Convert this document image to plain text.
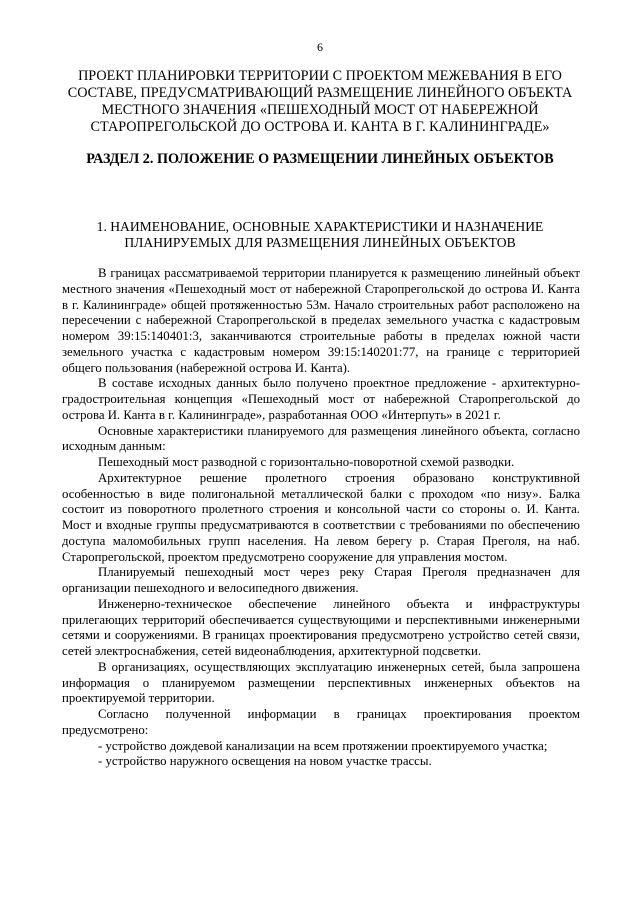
6
ПРОЕКТ ПЛАНИРОВКИ ТЕРРИТОРИИ С ПРОЕКТОМ МЕЖЕВАНИЯ В ЕГО СОСТАВЕ, ПРЕДУСМАТРИВАЮЩИЙ РАЗМЕЩЕНИЕ ЛИНЕЙНОГО ОБЪЕКТА МЕСТНОГО ЗНАЧЕНИЯ «ПЕШЕХОДНЫЙ МОСТ ОТ НАБЕРЕЖНОЙ СТАРОПРЕГОЛЬСКОЙ ДО ОСТРОВА И. КАНТА В Г. КАЛИНИНГРАДЕ»
РАЗДЕЛ 2. ПОЛОЖЕНИЕ О РАЗМЕЩЕНИИ ЛИНЕЙНЫХ ОБЪЕКТОВ
1. НАИМЕНОВАНИЕ, ОСНОВНЫЕ ХАРАКТЕРИСТИКИ И НАЗНАЧЕНИЕ ПЛАНИРУЕМЫХ ДЛЯ РАЗМЕЩЕНИЯ ЛИНЕЙНЫХ ОБЪЕКТОВ

В границах рассматриваемой территории планируется к размещению линейный объект местного значения «Пешеходный мост от набережной Старопрегольской до острова И. Канта в г. Калининграде» общей протяженностью 53м. Начало строительных работ расположено на пересечении с набережной Старопрегольской в пределах земельного участка с кадастровым номером 39:15:140401:3, заканчиваются строительные работы в пределах южной части земельного участка с кадастровым номером 39:15:140201:77, на границе с территорией общего пользования (набережной острова И. Канта).

В составе исходных данных было получено проектное предложение - архитектурно-градостроительная концепция «Пешеходный мост от набережной Старопрегольской до острова И. Канта в г. Калининграде», разработанная ООО «Интерпуть» в 2021 г.

Основные характеристики планируемого для размещения линейного объекта, согласно исходным данным:

Пешеходный мост разводной с горизонтально-поворотной схемой разводки.

Архитектурное решение пролетного строения образовано конструктивной особенностью в виде полигональной металлической балки с проходом «по низу». Балка состоит из поворотного пролетного строения и консольной части со стороны о. И. Канта. Мост и входные группы предусматриваются в соответствии с требованиями по обеспечению доступа маломобильных групп населения. На левом берегу р. Старая Преголя, на наб. Старопрегольской, проектом предусмотрено сооружение для управления мостом.

Планируемый пешеходный мост через реку Старая Преголя предназначен для организации пешеходного и велосипедного движения.

Инженерно-техническое обеспечение линейного объекта и инфраструктуры прилегающих территорий обеспечивается существующими и перспективными инженерными сетями и сооружениями. В границах проектирования предусмотрено устройство сетей связи, сетей электроснабжения, сетей видеонаблюдения, архитектурной подсветки.

В организациях, осуществляющих эксплуатацию инженерных сетей, была запрошена информация о планируемом размещении перспективных инженерных объектов на проектируемой территории.

Согласно полученной информации в границах проектирования проектом предусмотрено:

- устройство дождевой канализации на всем протяжении проектируемого участка;

- устройство наружного освещения на новом участке трассы.
